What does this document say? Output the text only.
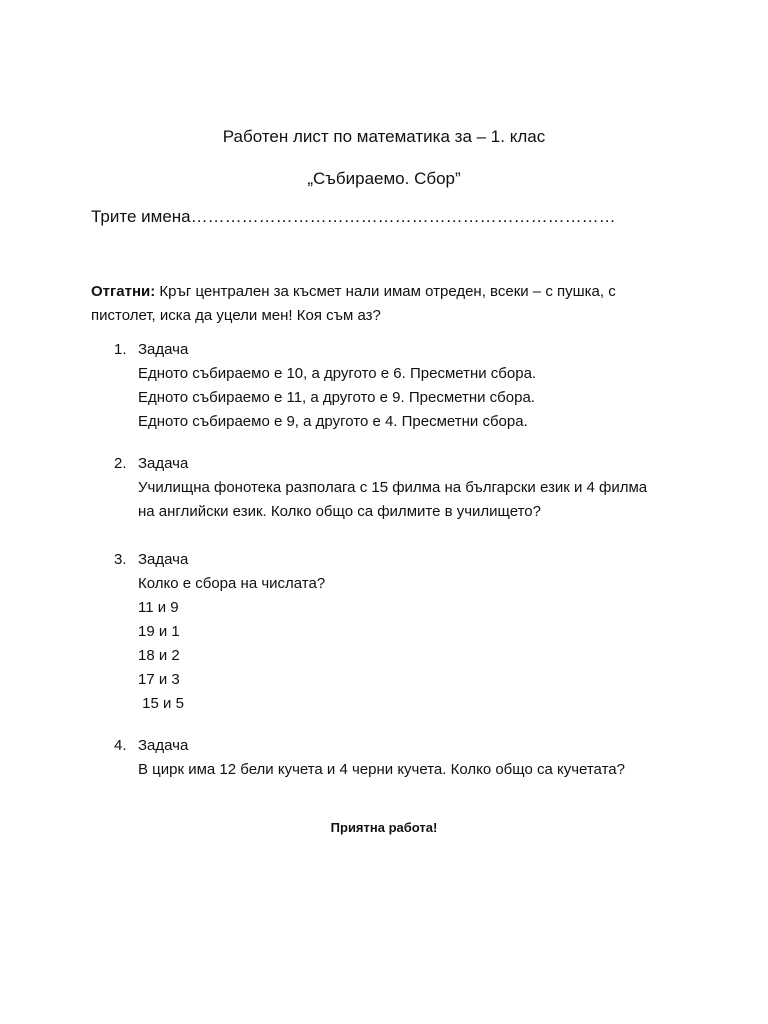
Работен лист по математика за – 1. клас
„Събираемо. Сбор”
Трите имена…………………………………………………………………
Отгатни: Кръг централен за късмет нали имам отреден, всеки – с пушка, с пистолет, иска да уцели мен! Коя съм аз?
1. Задача
Едното събираемо е 10, а другото е 6. Пресметни сбора.
Едното събираемо е 11, а другото е 9. Пресметни сбора.
Едното събираемо е 9, а другото е 4. Пресметни сбора.
2. Задача
Училищна фонотека разполага с 15 филма на български език и 4 филма на английски език. Колко общо са филмите в училището?
3. Задача
Колко е сбора на числата?
11 и 9
19 и 1
18 и 2
17 и 3
15 и 5
4. Задача
В цирк има 12 бели кучета и 4 черни кучета. Колко общо са кучетата?
Приятна работа!
